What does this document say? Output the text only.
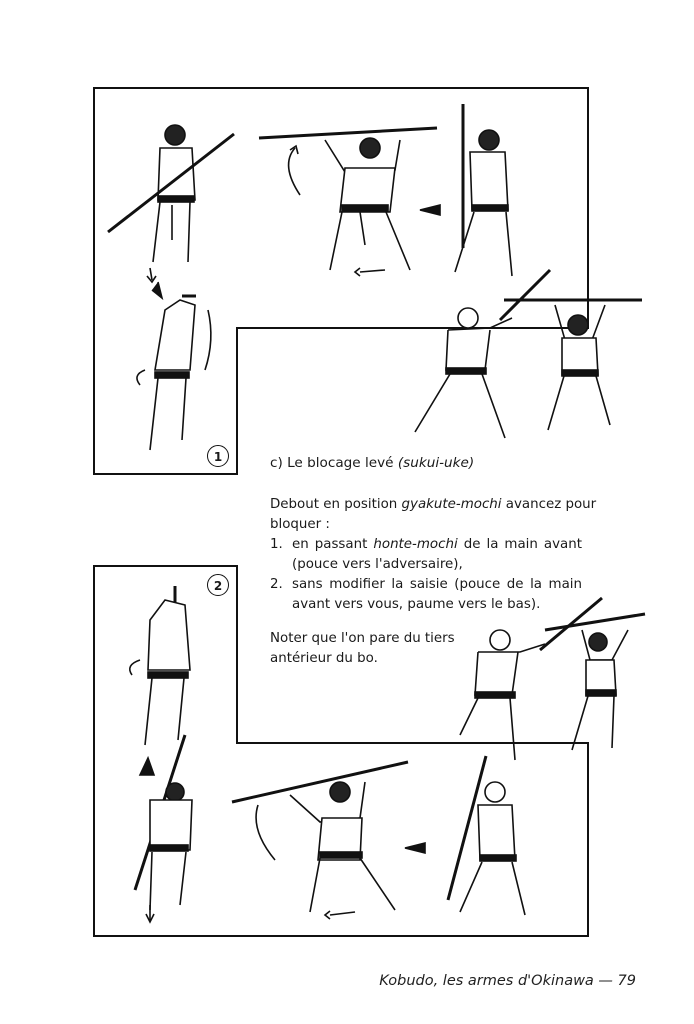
1
2
c) Le blocage levé (sukui-uke)
Debout en position gyakute-mochi avancez pour
bloquer :
1. en passant honte-mochi de la main avant (pouce vers l'adversaire),
2. sans modifier la saisie (pouce de la main avant vers vous, paume vers le bas).
Noter que l'on pare du tiers
antérieur du bo.
Kobudo, les armes d'Okinawa — 79
